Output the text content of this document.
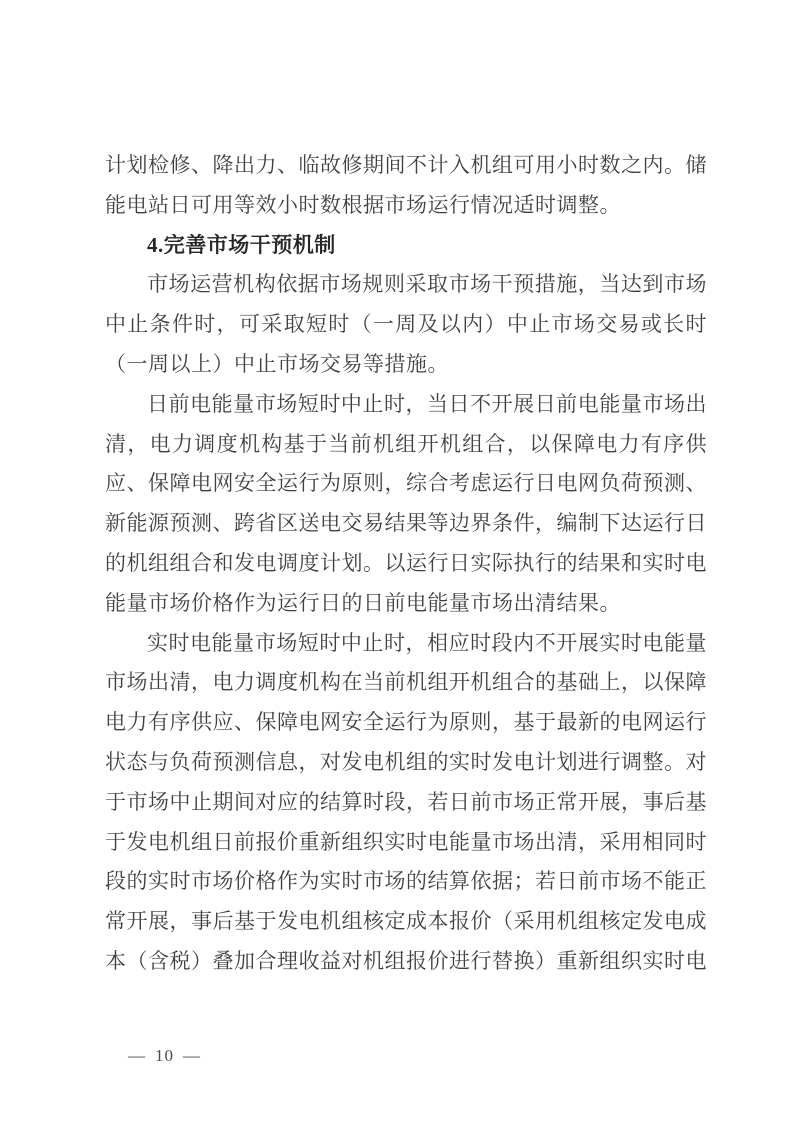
计划检修、降出力、临故修期间不计入机组可用小时数之内。储能电站日可用等效小时数根据市场运行情况适时调整。

4.完善市场干预机制

市场运营机构依据市场规则采取市场干预措施，当达到市场中止条件时，可采取短时（一周及以内）中止市场交易或长时（一周以上）中止市场交易等措施。

日前电能量市场短时中止时，当日不开展日前电能量市场出清，电力调度机构基于当前机组开机组合，以保障电力有序供应、保障电网安全运行为原则，综合考虑运行日电网负荷预测、新能源预测、跨省区送电交易结果等边界条件，编制下达运行日的机组组合和发电调度计划。以运行日实际执行的结果和实时电能量市场价格作为运行日的日前电能量市场出清结果。

实时电能量市场短时中止时，相应时段内不开展实时电能量市场出清，电力调度机构在当前机组开机组合的基础上，以保障电力有序供应、保障电网安全运行为原则，基于最新的电网运行状态与负荷预测信息，对发电机组的实时发电计划进行调整。对于市场中止期间对应的结算时段，若日前市场正常开展，事后基于发电机组日前报价重新组织实时电能量市场出清，采用相同时段的实时市场价格作为实时市场的结算依据；若日前市场不能正常开展，事后基于发电机组核定成本报价（采用机组核定发电成本（含税）叠加合理收益对机组报价进行替换）重新组织实时电

— 10 —
